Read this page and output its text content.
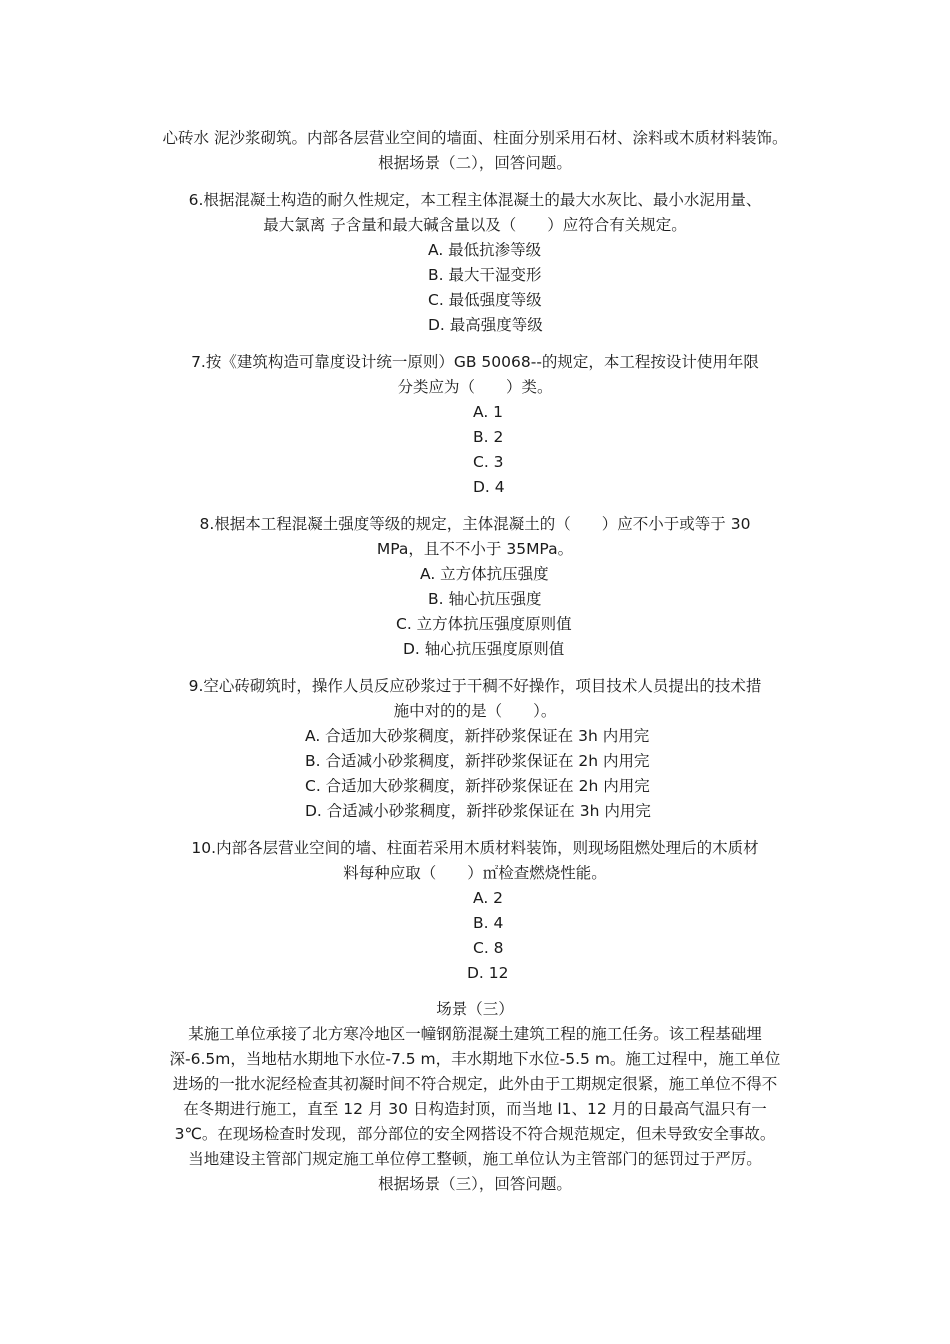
心砖水 泥沙浆砌筑。内部各层营业空间的墙面、柱面分别采用石材、涂料或木质材料装饰。
根据场景（二），回答问题。
6.根据混凝土构造的耐久性规定，本工程主体混凝土的最大水灰比、最小水泥用量、
最大氯离 子含量和最大碱含量以及（　　）应符合有关规定。
A. 最低抗渗等级
B. 最大干湿变形
C. 最低强度等级
D. 最高强度等级
7.按《建筑构造可靠度设计统一原则）GB 50068--的规定，本工程按设计使用年限
分类应为（　　）类。
A. 1
B. 2
C. 3
D. 4
8.根据本工程混凝土强度等级的规定，主体混凝土的（　　）应不小于或等于 30
MPa，且不不小于 35MPa。
A. 立方体抗压强度
B. 轴心抗压强度
C. 立方体抗压强度原则值
D. 轴心抗压强度原则值
9.空心砖砌筑时，操作人员反应砂浆过于干稠不好操作，项目技术人员提出的技术措
施中对的的是（　　）。
A. 合适加大砂浆稠度，新拌砂浆保证在 3h 内用完
B. 合适减小砂浆稠度，新拌砂浆保证在 2h 内用完
C. 合适加大砂浆稠度，新拌砂浆保证在 2h 内用完
D. 合适减小砂浆稠度，新拌砂浆保证在 3h 内用完
10.内部各层营业空间的墙、柱面若采用木质材料装饰，则现场阻燃处理后的木质材
料每种应取（　　）㎡检查燃烧性能。
A. 2
B. 4
C. 8
D. 12
场景（三）
某施工单位承接了北方寒冷地区一幢钢筋混凝土建筑工程的施工任务。该工程基础埋
深-6.5m，当地枯水期地下水位-7.5 m，丰水期地下水位-5.5 m。施工过程中，施工单位
进场的一批水泥经检查其初凝时间不符合规定，此外由于工期规定很紧，施工单位不得不
在冬期进行施工，直至 12 月 30 日构造封顶，而当地 l1、12 月的日最高气温只有一
3℃。在现场检查时发现，部分部位的安全网搭设不符合规范规定，但未导致安全事故。
当地建设主管部门规定施工单位停工整顿，施工单位认为主管部门的惩罚过于严厉。
根据场景（三），回答问题。
